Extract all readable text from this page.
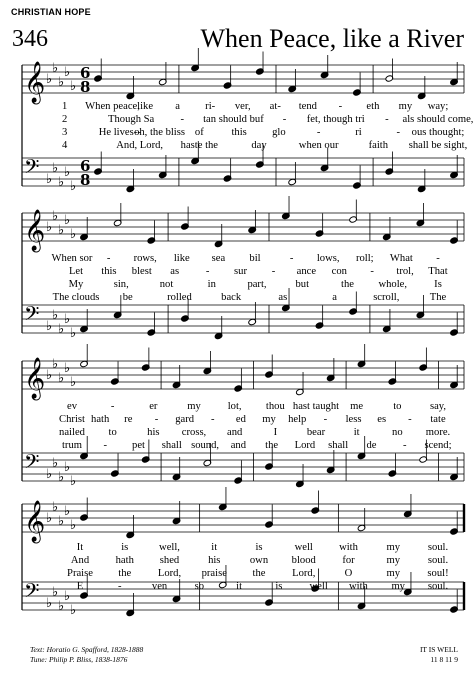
CHRISTIAN HOPE
346	When Peace, like a River
𝄞 ♭
♭
♭
♭
♭
𝄢 ♭
♭
♭
♭
♭
6
8
6
8
𝄞 ♭
♭
♭
♭
♭
𝄢 ♭
♭
♭
♭
♭
𝄞 ♭
♭
♭
♭
♭
𝄢 ♭
♭
♭
♭
♭
𝄞 ♭
♭
♭
♭
♭
𝄢 ♭
♭
♭
♭
♭
1 When peace,
like a ri- ver, at- tend - eth my way;
2	Though Sa - tan should buf - fet, though tri - als should come,
3	He lives--
oh, the bliss of	this glo	-	ri	- ous thought;
4	And, Lord, haste the	day	when our	faith shall be sight,
When sor - rows, like sea bil	- lows, roll; What -
Let this blest as	- sur - ance con - trol, That
My	sin,	not	in	part,	but	the whole,	Is
The clouds be	rolled	back	as	a	scroll,	The
ev	-	er	my	lot, thou hast taught me	to	say,
Christ hath re - gard - ed my help - less es - tate
nailed to	his cross, and	I	bear	it	no more.
trum - pet shall sound, and the Lord shall de	- scend;
It	is	well,	it	is	well with	my	soul.
And	hath shed	his	own blood	for	my	soul.
Praise the	Lord, praise the	Lord,	O	my	soul!
E	-	ven	so	it	is	well with my soul.
Text: Horatio G. Spafford, 1828-1888
Tune: Philip P. Bliss, 1838-1876
IT IS WELL
11 8 11 9
